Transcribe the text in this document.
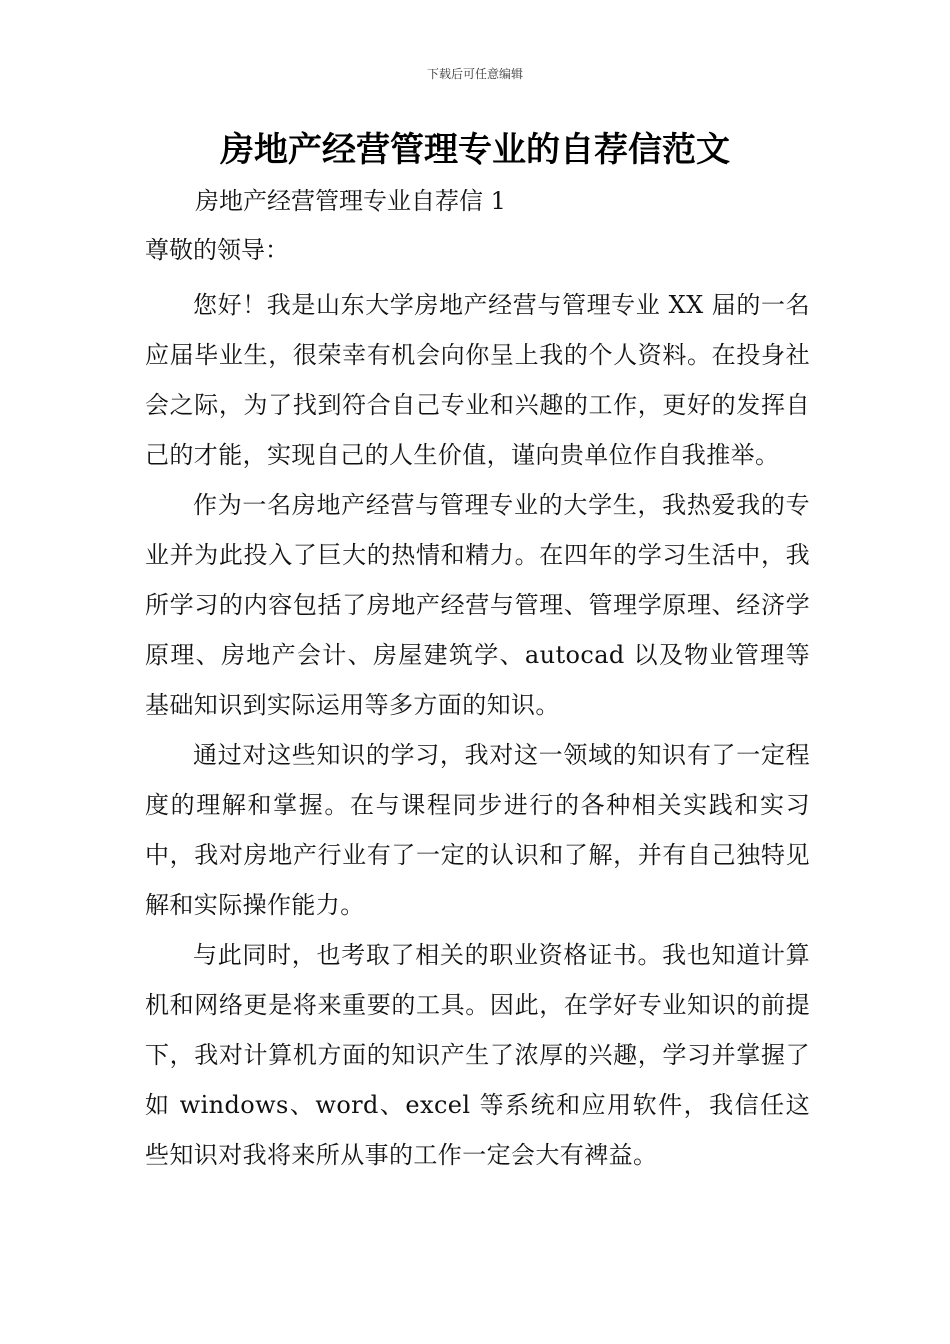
下载后可任意编辑
房地产经营管理专业的自荐信范文

房地产经营管理专业自荐信 1

尊敬的领导：

您好！我是山东大学房地产经营与管理专业 XX 届的一名应届毕业生，很荣幸有机会向你呈上我的个人资料。在投身社会之际，为了找到符合自己专业和兴趣的工作，更好的发挥自己的才能，实现自己的人生价值，谨向贵单位作自我推举。

作为一名房地产经营与管理专业的大学生，我热爱我的专业并为此投入了巨大的热情和精力。在四年的学习生活中，我所学习的内容包括了房地产经营与管理、管理学原理、经济学原理、房地产会计、房屋建筑学、autocad 以及物业管理等基础知识到实际运用等多方面的知识。

通过对这些知识的学习，我对这一领域的知识有了一定程度的理解和掌握。在与课程同步进行的各种相关实践和实习中，我对房地产行业有了一定的认识和了解，并有自己独特见解和实际操作能力。

与此同时，也考取了相关的职业资格证书。我也知道计算机和网络更是将来重要的工具。因此，在学好专业知识的前提下，我对计算机方面的知识产生了浓厚的兴趣，学习并掌握了如 windows、word、excel 等系统和应用软件，我信任这些知识对我将来所从事的工作一定会大有裨益。
